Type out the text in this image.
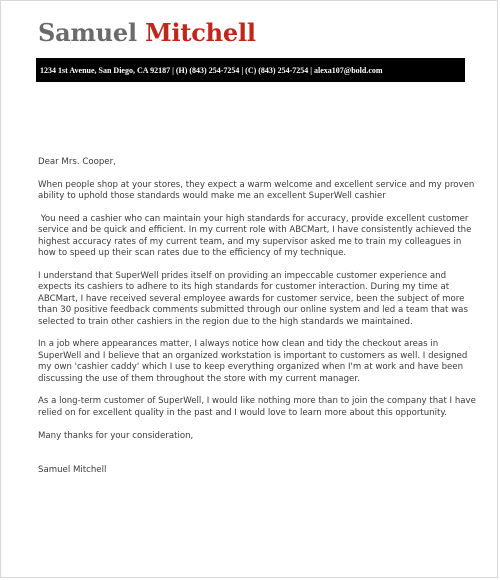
Samuel Mitchell
1234 1st Avenue, San Diego, CA 92187 | (H) (843) 254-7254 | (C) (843) 254-7254 | alexa107@bold.com

Dear Mrs. Cooper,

When people shop at your stores, they expect a warm welcome and excellent service and my proven ability to uphold those standards would make me an excellent SuperWell cashier

You need a cashier who can maintain your high standards for accuracy, provide excellent customer service and be quick and efficient. In my current role with ABCMart, I have consistently achieved the highest accuracy rates of my current team, and my supervisor asked me to train my colleagues in how to speed up their scan rates due to the efficiency of my technique.

I understand that SuperWell prides itself on providing an impeccable customer experience and expects its cashiers to adhere to its high standards for customer interaction. During my time at ABCMart, I have received several employee awards for customer service, been the subject of more than 30 positive feedback comments submitted through our online system and led a team that was selected to train other cashiers in the region due to the high standards we maintained.

In a job where appearances matter, I always notice how clean and tidy the checkout areas in SuperWell and I believe that an organized workstation is important to customers as well. I designed my own 'cashier caddy' which I use to keep everything organized when I'm at work and have been discussing the use of them throughout the store with my current manager.

As a long-term customer of SuperWell, I would like nothing more than to join the company that I have relied on for excellent quality in the past and I would love to learn more about this opportunity.

Many thanks for your consideration,

Samuel Mitchell
